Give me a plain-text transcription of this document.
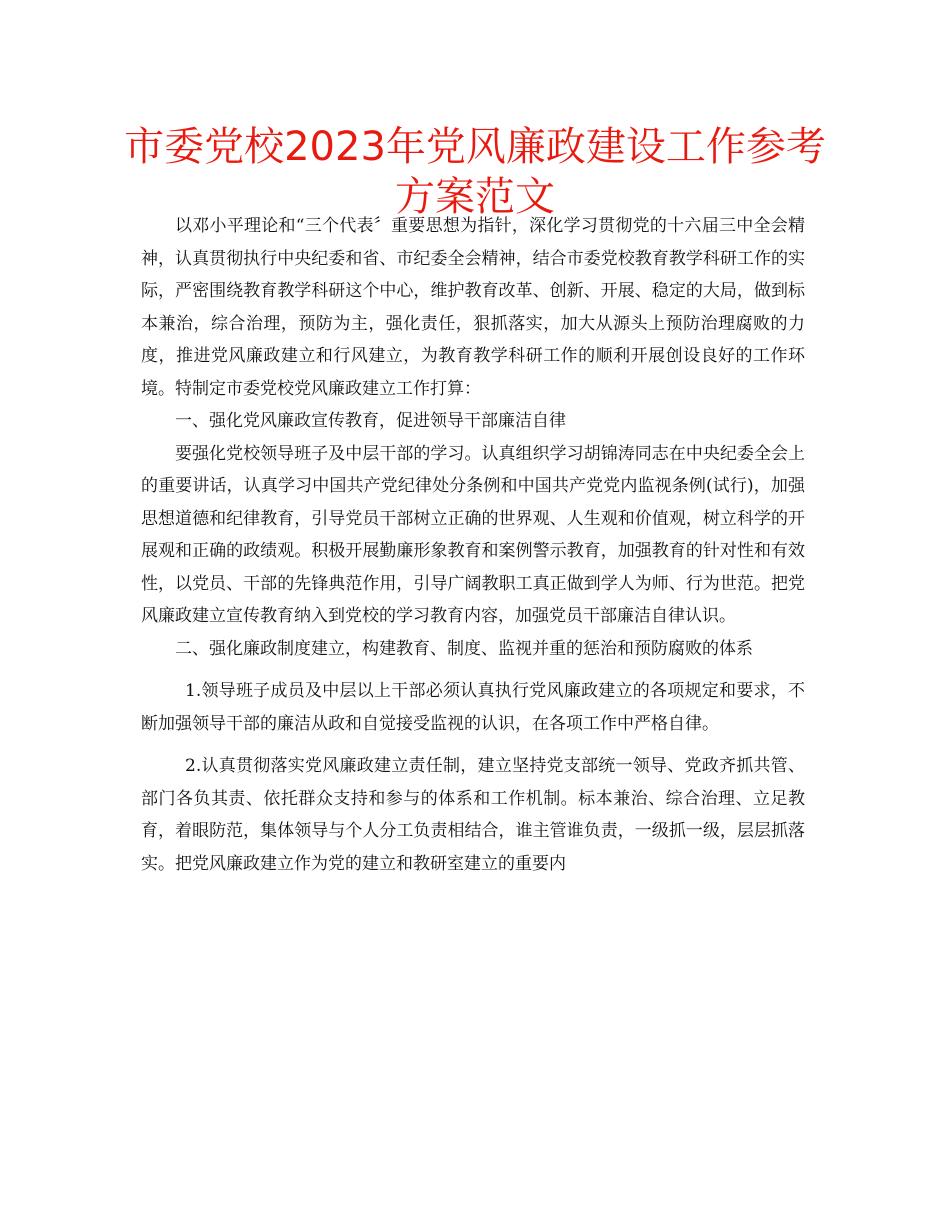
市委党校2023年党风廉政建设工作参考方案范文

以邓小平理论和“三个代表〞重要思想为指针，深化学习贯彻党的十六届三中全会精神，认真贯彻执行中央纪委和省、市纪委全会精神，结合市委党校教育教学科研工作的实际，严密围绕教育教学科研这个中心，维护教育改革、创新、开展、稳定的大局，做到标本兼治，综合治理，预防为主，强化责任，狠抓落实，加大从源头上预防治理腐败的力度，推进党风廉政建立和行风建立，为教育教学科研工作的顺利开展创设良好的工作环境。特制定市委党校党风廉政建立工作打算：

一、强化党风廉政宣传教育，促进领导干部廉洁自律

要强化党校领导班子及中层干部的学习。认真组织学习胡锦涛同志在中央纪委全会上的重要讲话，认真学习中国共产党纪律处分条例和中国共产党党内监视条例(试行)，加强思想道德和纪律教育，引导党员干部树立正确的世界观、人生观和价值观，树立科学的开展观和正确的政绩观。积极开展勤廉形象教育和案例警示教育，加强教育的针对性和有效性，以党员、干部的先锋典范作用，引导广阔教职工真正做到学人为师、行为世范。把党风廉政建立宣传教育纳入到党校的学习教育内容，加强党员干部廉洁自律认识。

二、强化廉政制度建立，构建教育、制度、监视并重的惩治和预防腐败的体系

1.领导班子成员及中层以上干部必须认真执行党风廉政建立的各项规定和要求，不断加强领导干部的廉洁从政和自觉接受监视的认识，在各项工作中严格自律。

2.认真贯彻落实党风廉政建立责任制，建立坚持党支部统一领导、党政齐抓共管、部门各负其责、依托群众支持和参与的体系和工作机制。标本兼治、综合治理、立足教育，着眼防范，集体领导与个人分工负责相结合，谁主管谁负责，一级抓一级，层层抓落实。把党风廉政建立作为党的建立和教研室建立的重要内
